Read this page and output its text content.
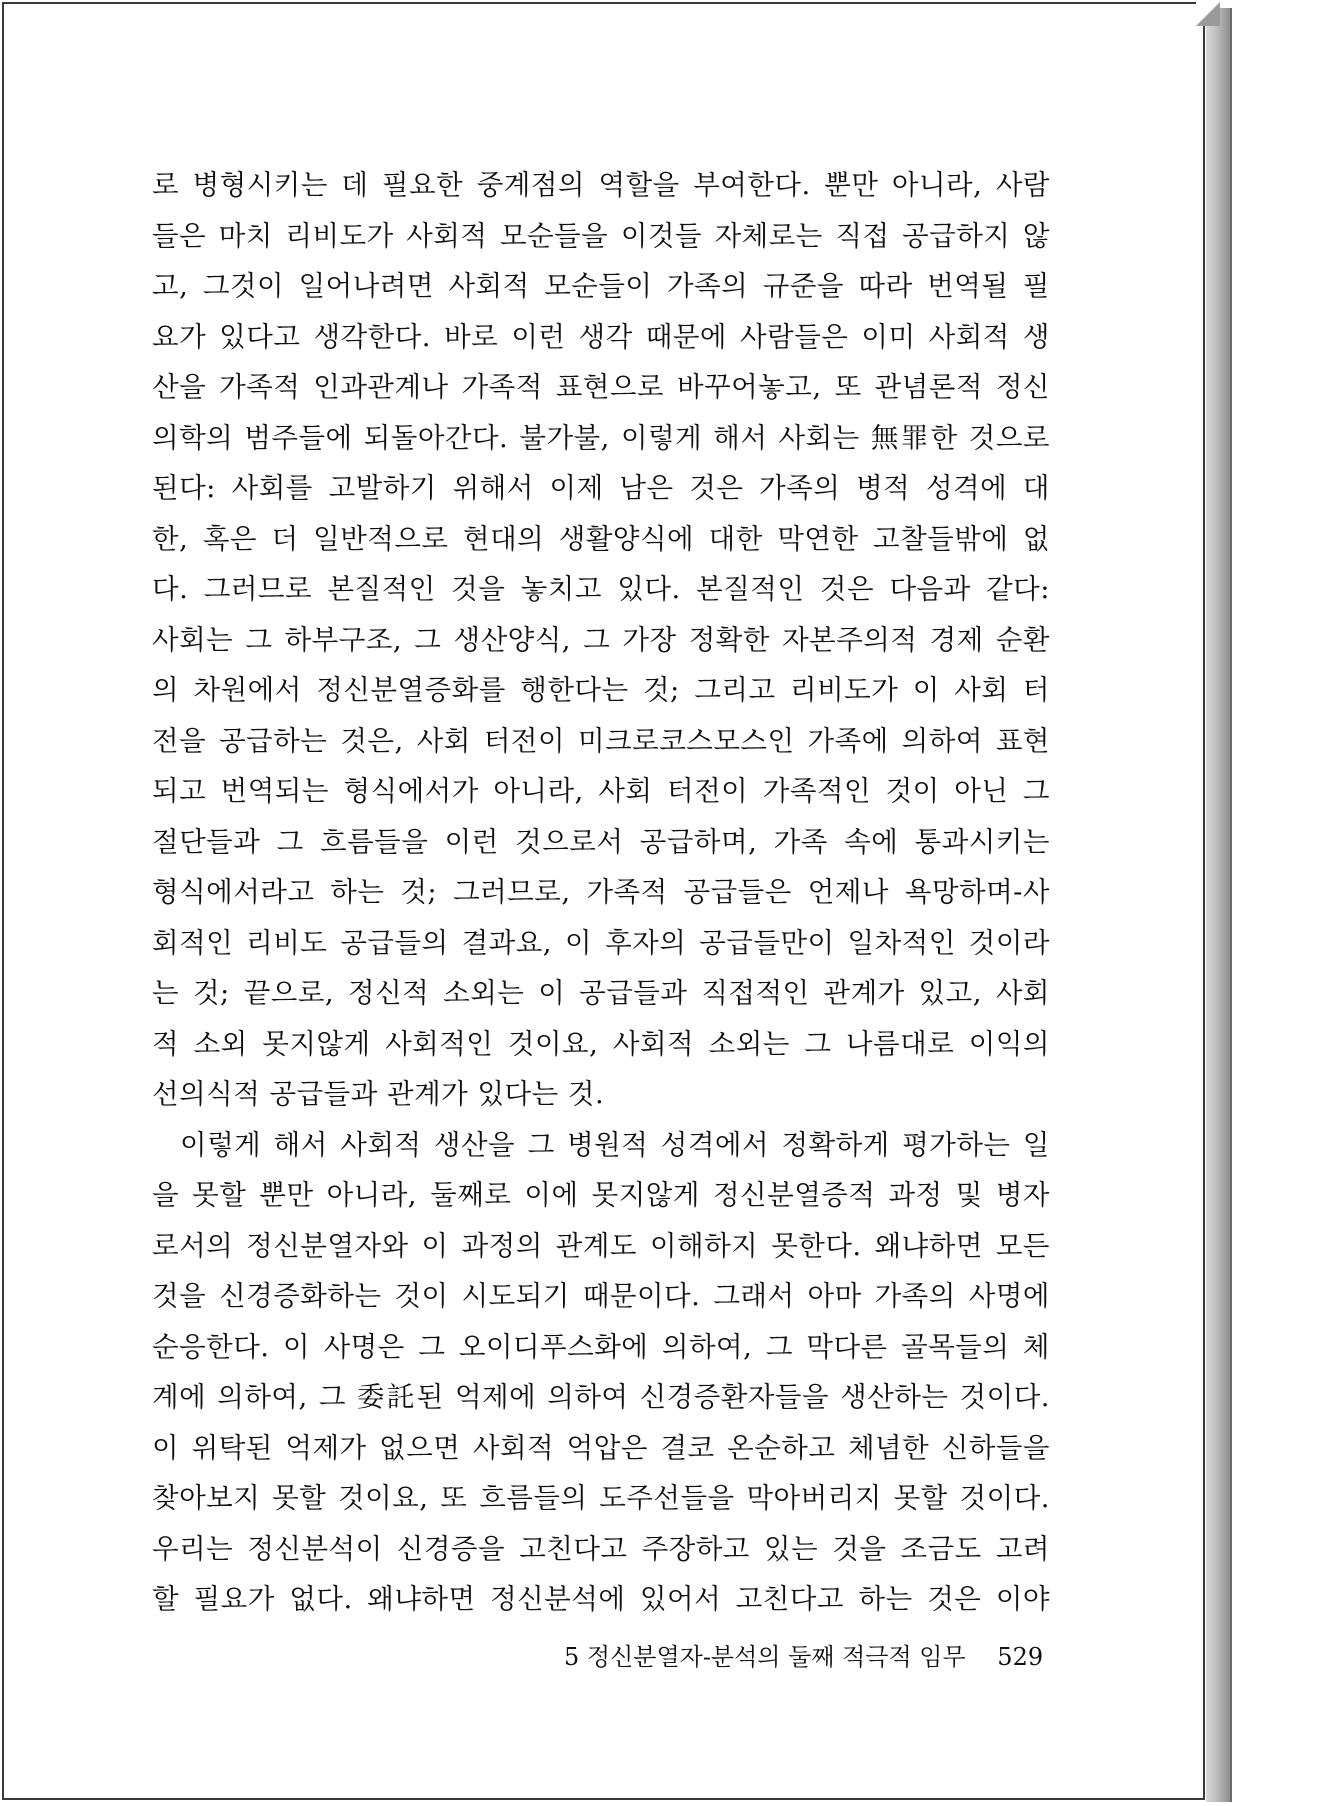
로 병형시키는 데 필요한 중계점의 역할을 부여한다. 뿐만 아니라, 사람
들은 마치 리비도가 사회적 모순들을 이것들 자체로는 직접 공급하지 않
고, 그것이 일어나려면 사회적 모순들이 가족의 규준을 따라 번역될 필
요가 있다고 생각한다. 바로 이런 생각 때문에 사람들은 이미 사회적 생
산을 가족적 인과관계나 가족적 표현으로 바꾸어놓고, 또 관념론적 정신
의학의 범주들에 되돌아간다. 불가불, 이렇게 해서 사회는 無罪한 것으로
된다: 사회를 고발하기 위해서 이제 남은 것은 가족의 병적 성격에 대
한, 혹은 더 일반적으로 현대의 생활양식에 대한 막연한 고찰들밖에 없
다. 그러므로 본질적인 것을 놓치고 있다. 본질적인 것은 다음과 같다:
사회는 그 하부구조, 그 생산양식, 그 가장 정확한 자본주의적 경제 순환
의 차원에서 정신분열증화를 행한다는 것; 그리고 리비도가 이 사회 터
전을 공급하는 것은, 사회 터전이 미크로코스모스인 가족에 의하여 표현
되고 번역되는 형식에서가 아니라, 사회 터전이 가족적인 것이 아닌 그
절단들과 그 흐름들을 이런 것으로서 공급하며, 가족 속에 통과시키는
형식에서라고 하는 것; 그러므로, 가족적 공급들은 언제나 욕망하며-사
회적인 리비도 공급들의 결과요, 이 후자의 공급들만이 일차적인 것이라
는 것; 끝으로, 정신적 소외는 이 공급들과 직접적인 관계가 있고, 사회
적 소외 못지않게 사회적인 것이요, 사회적 소외는 그 나름대로 이익의
선의식적 공급들과 관계가 있다는 것.
이렇게 해서 사회적 생산을 그 병원적 성격에서 정확하게 평가하는 일
을 못할 뿐만 아니라, 둘째로 이에 못지않게 정신분열증적 과정 및 병자
로서의 정신분열자와 이 과정의 관계도 이해하지 못한다. 왜냐하면 모든
것을 신경증화하는 것이 시도되기 때문이다. 그래서 아마 가족의 사명에
순응한다. 이 사명은 그 오이디푸스화에 의하여, 그 막다른 골목들의 체
계에 의하여, 그 委託된 억제에 의하여 신경증환자들을 생산하는 것이다.
이 위탁된 억제가 없으면 사회적 억압은 결코 온순하고 체념한 신하들을
찾아보지 못할 것이요, 또 흐름들의 도주선들을 막아버리지 못할 것이다.
우리는 정신분석이 신경증을 고친다고 주장하고 있는 것을 조금도 고려
할 필요가 없다. 왜냐하면 정신분석에 있어서 고친다고 하는 것은 이야
5 정신분열자-분석의 둘째 적극적 임무 529
